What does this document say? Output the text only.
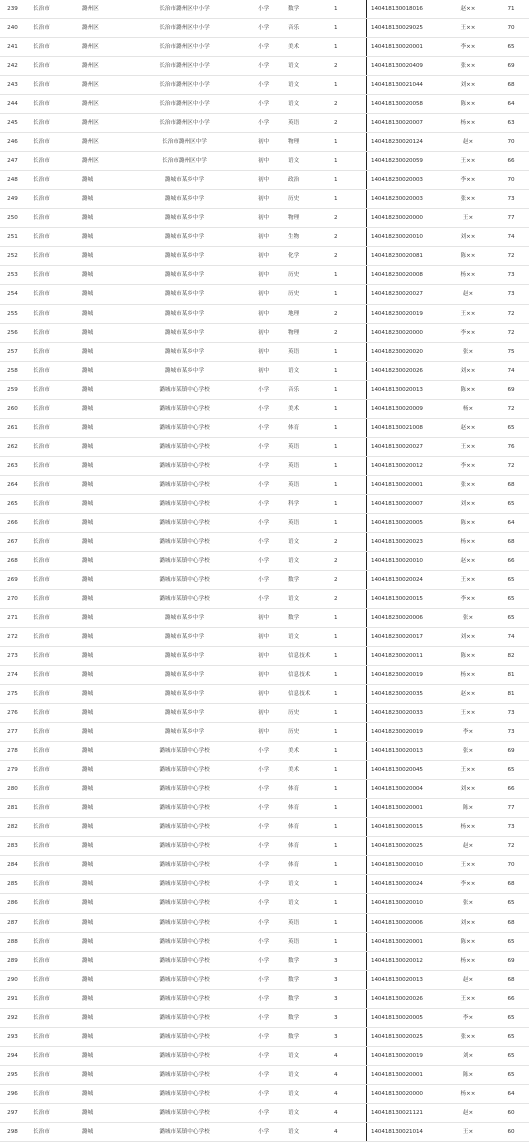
239	长治市	潞州区	长治市潞州区中小学	小学	数学	1	140418130018016	赵××	71
240	长治市	潞州区	长治市潞州区中小学	小学	音乐	1	140418130029025	王××	70
241	长治市	潞州区	长治市潞州区中小学	小学	美术	1	140418130020001	李××	65
242	长治市	潞州区	长治市潞州区中小学	小学	语文	2	140418130020409	张××	69
243	长治市	潞州区	长治市潞州区中小学	小学	语文	1	140418130021044	刘××	68
244	长治市	潞州区	长治市潞州区中小学	小学	语文	2	140418130020058	陈××	64
245	长治市	潞州区	长治市潞州区中小学	小学	英语	2	140418130020007	杨××	63
246	长治市	潞州区	长治市潞州区中学	初中	物理	1	140418230020124	赵×	70
247	长治市	潞州区	长治市潞州区中学	初中	语文	1	140418230020059	王××	66
248	长治市	潞城	潞城市某乡中学	初中	政治	1	140418230020003	李××	70
249	长治市	潞城	潞城市某乡中学	初中	历史	1	140418230020003	张××	73
250	长治市	潞城	潞城市某乡中学	初中	物理	2	140418230020000	王×	77
251	长治市	潞城	潞城市某乡中学	初中	生物	2	140418230020010	刘××	74
252	长治市	潞城	潞城市某乡中学	初中	化学	2	140418230020081	陈××	72
253	长治市	潞城	潞城市某乡中学	初中	历史	1	140418230020008	杨××	73
254	长治市	潞城	潞城市某乡中学	初中	历史	1	140418230020027	赵×	73
255	长治市	潞城	潞城市某乡中学	初中	地理	2	140418230020019	王××	72
256	长治市	潞城	潞城市某乡中学	初中	物理	2	140418230020000	李××	72
257	长治市	潞城	潞城市某乡中学	初中	英语	1	140418230020020	张×	75
258	长治市	潞城	潞城市某乡中学	初中	语文	1	140418230020026	刘××	74
259	长治市	潞城	潞城市某镇中心学校	小学	音乐	1	140418130020013	陈××	69
260	长治市	潞城	潞城市某镇中心学校	小学	美术	1	140418130020009	杨×	72
261	长治市	潞城	潞城市某镇中心学校	小学	体育	1	140418130021008	赵××	65
262	长治市	潞城	潞城市某镇中心学校	小学	英语	1	140418130020027	王××	76
263	长治市	潞城	潞城市某镇中心学校	小学	英语	1	140418130020012	李××	72
264	长治市	潞城	潞城市某镇中心学校	小学	英语	1	140418130020001	张××	68
265	长治市	潞城	潞城市某镇中心学校	小学	科学	1	140418130020007	刘××	65
266	长治市	潞城	潞城市某镇中心学校	小学	英语	1	140418130020005	陈××	64
267	长治市	潞城	潞城市某镇中心学校	小学	语文	2	140418130020023	杨××	68
268	长治市	潞城	潞城市某镇中心学校	小学	语文	2	140418130020010	赵××	66
269	长治市	潞城	潞城市某镇中心学校	小学	数学	2	140418130020024	王××	65
270	长治市	潞城	潞城市某镇中心学校	小学	语文	2	140418130020015	李××	65
271	长治市	潞城	潞城市某乡中学	初中	数学	1	140418230020006	张×	65
272	长治市	潞城	潞城市某乡中学	初中	语文	1	140418230020017	刘××	74
273	长治市	潞城	潞城市某乡中学	初中	信息技术	1	140418230020011	陈××	82
274	长治市	潞城	潞城市某乡中学	初中	信息技术	1	140418230020019	杨××	81
275	长治市	潞城	潞城市某乡中学	初中	信息技术	1	140418230020035	赵××	81
276	长治市	潞城	潞城市某乡中学	初中	历史	1	140418230020033	王××	73
277	长治市	潞城	潞城市某乡中学	初中	历史	1	140418230020019	李×	73
278	长治市	潞城	潞城市某镇中心学校	小学	美术	1	140418130020013	张×	69
279	长治市	潞城	潞城市某镇中心学校	小学	美术	1	140418130020045	王××	65
280	长治市	潞城	潞城市某镇中心学校	小学	体育	1	140418130020004	刘××	66
281	长治市	潞城	潞城市某镇中心学校	小学	体育	1	140418130020001	陈×	77
282	长治市	潞城	潞城市某镇中心学校	小学	体育	1	140418130020015	杨××	73
283	长治市	潞城	潞城市某镇中心学校	小学	体育	1	140418130020025	赵×	72
284	长治市	潞城	潞城市某镇中心学校	小学	体育	1	140418130020010	王××	70
285	长治市	潞城	潞城市某镇中心学校	小学	语文	1	140418130020024	李××	68
286	长治市	潞城	潞城市某镇中心学校	小学	语文	1	140418130020010	张×	65
287	长治市	潞城	潞城市某镇中心学校	小学	英语	1	140418130020006	刘××	68
288	长治市	潞城	潞城市某镇中心学校	小学	英语	1	140418130020001	陈××	65
289	长治市	潞城	潞城市某镇中心学校	小学	数学	3	140418130020012	杨××	69
290	长治市	潞城	潞城市某镇中心学校	小学	数学	3	140418130020013	赵×	68
291	长治市	潞城	潞城市某镇中心学校	小学	数学	3	140418130020026	王××	66
292	长治市	潞城	潞城市某镇中心学校	小学	数学	3	140418130020005	李×	65
293	长治市	潞城	潞城市某镇中心学校	小学	数学	3	140418130020025	张××	65
294	长治市	潞城	潞城市某镇中心学校	小学	语文	4	140418130020019	刘×	65
295	长治市	潞城	潞城市某镇中心学校	小学	语文	4	140418130020001	陈×	65
296	长治市	潞城	潞城市某镇中心学校	小学	语文	4	140418130020000	杨××	64
297	长治市	潞城	潞城市某镇中心学校	小学	语文	4	140418130021121	赵×	60
298	长治市	潞城	潞城市某镇中心学校	小学	语文	4	140418130021014	王×	60
